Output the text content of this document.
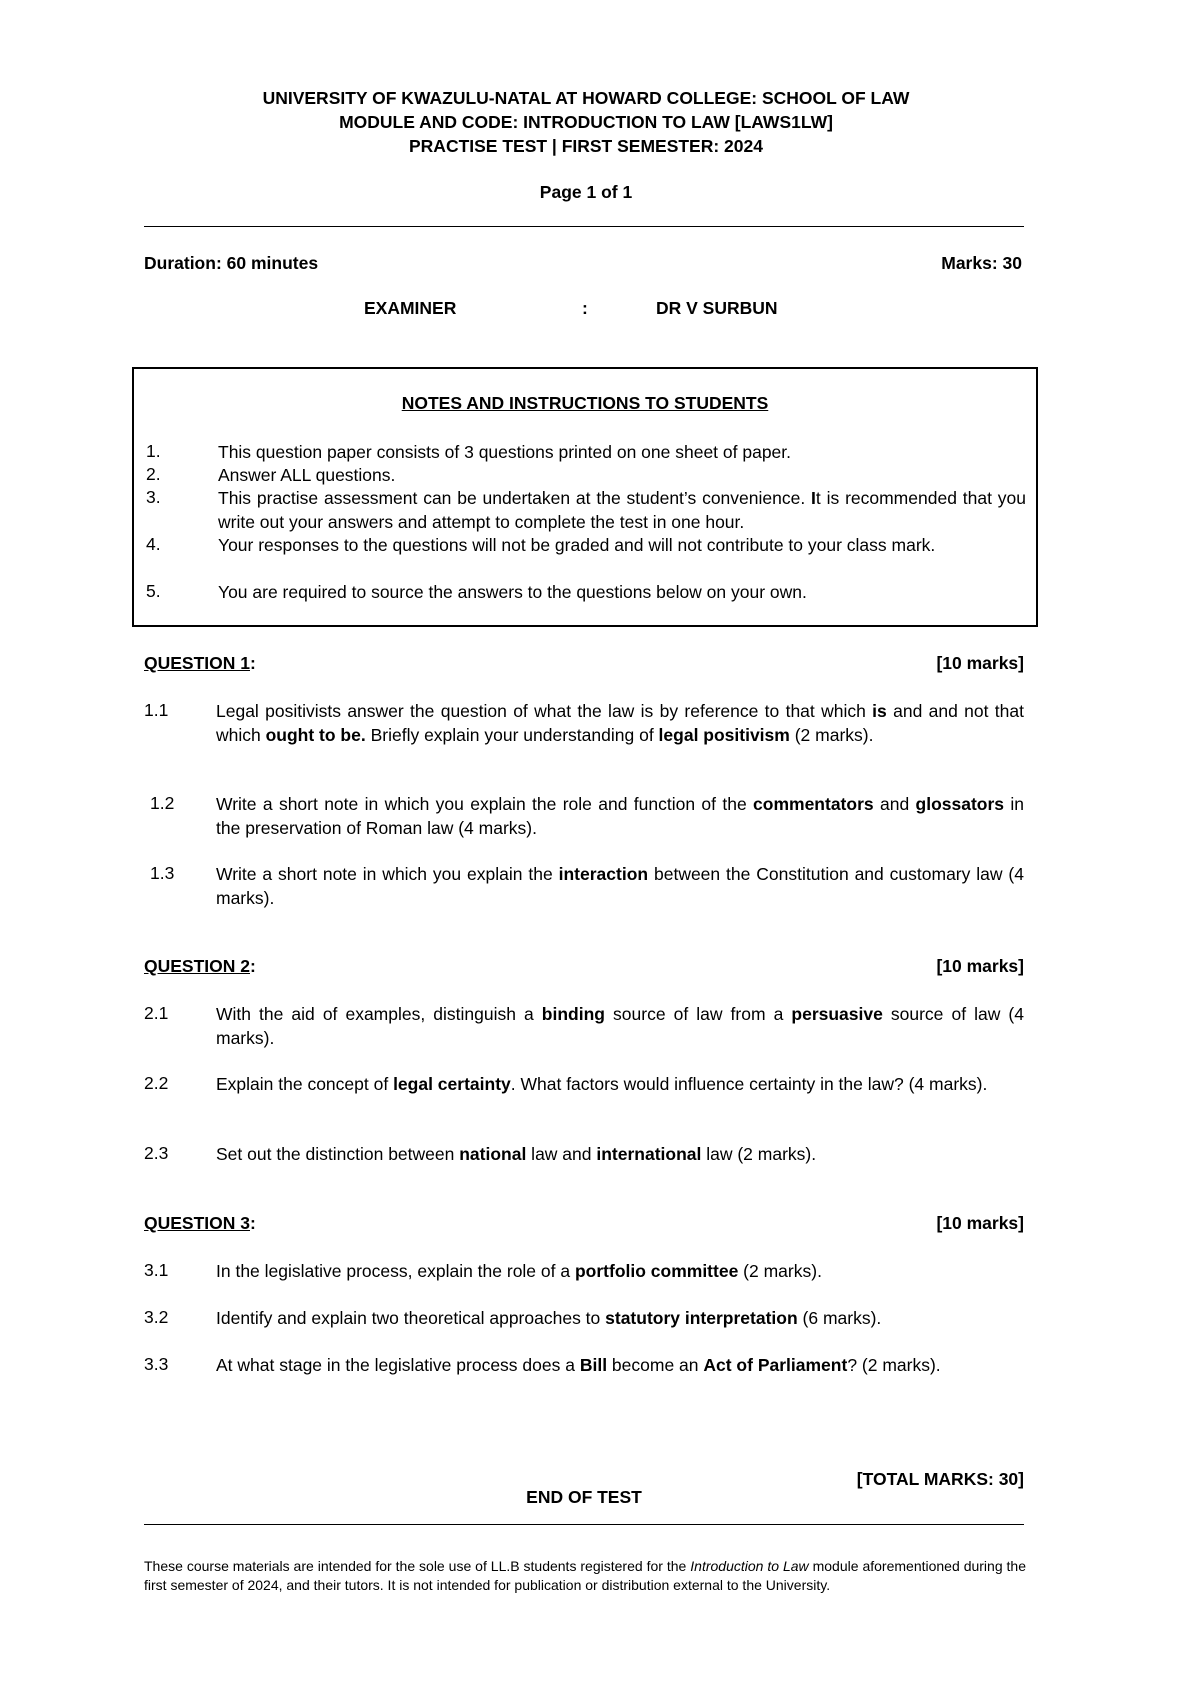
UNIVERSITY OF KWAZULU-NATAL AT HOWARD COLLEGE: SCHOOL OF LAW
MODULE AND CODE: INTRODUCTION TO LAW [LAWS1LW]
PRACTISE TEST | FIRST SEMESTER: 2024
Page 1 of 1
Duration: 60 minutes	Marks: 30
EXAMINER	:	DR V SURBUN
NOTES AND INSTRUCTIONS TO STUDENTS
1.	This question paper consists of 3 questions printed on one sheet of paper.
2.	Answer ALL questions.
3.	This practise assessment can be undertaken at the student’s convenience. It is recommended that you write out your answers and attempt to complete the test in one hour.
4.	Your responses to the questions will not be graded and will not contribute to your class mark.
5.	You are required to source the answers to the questions below on your own.
QUESTION 1:	[10 marks]
1.1	Legal positivists answer the question of what the law is by reference to that which is and and not that which ought to be. Briefly explain your understanding of legal positivism (2 marks).
1.2 Write a short note in which you explain the role and function of the commentators and glossators in the preservation of Roman law (4 marks).
1.3 Write a short note in which you explain the interaction between the Constitution and customary law (4 marks).
QUESTION 2:	[10 marks]
2.1	With the aid of examples, distinguish a binding source of law from a persuasive source of law (4 marks).
2.2	Explain the concept of legal certainty. What factors would influence certainty in the law? (4 marks).
2.3	Set out the distinction between national law and international law (2 marks).
QUESTION 3:	[10 marks]
3.1	In the legislative process, explain the role of a portfolio committee (2 marks).
3.2	Identify and explain two theoretical approaches to statutory interpretation (6 marks).
3.3	At what stage in the legislative process does a Bill become an Act of Parliament? (2 marks).
[TOTAL MARKS: 30]
END OF TEST
These course materials are intended for the sole use of LL.B students registered for the Introduction to Law module aforementioned during the first semester of 2024, and their tutors. It is not intended for publication or distribution external to the University.
